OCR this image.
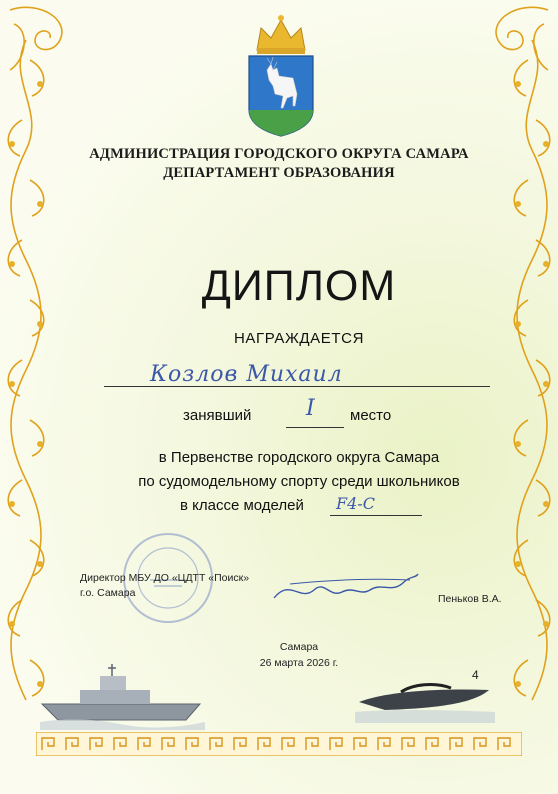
АДМИНИСТРАЦИЯ ГОРОДСКОГО ОКРУГА САМАРА
ДЕПАРТАМЕНТ ОБРАЗОВАНИЯ
ДИПЛОМ
НАГРАЖДАЕТСЯ
Козлов Михаил
занявший I место
в Первенстве городского округа Самара
по судомодельному спорту среди школьников
в классе моделей F4-C
Директор МБУ ДО «ЦДТТ «Поиск»
г.о. Самара	Пеньков В.А.
Самара
26 марта 2026 г.
4
